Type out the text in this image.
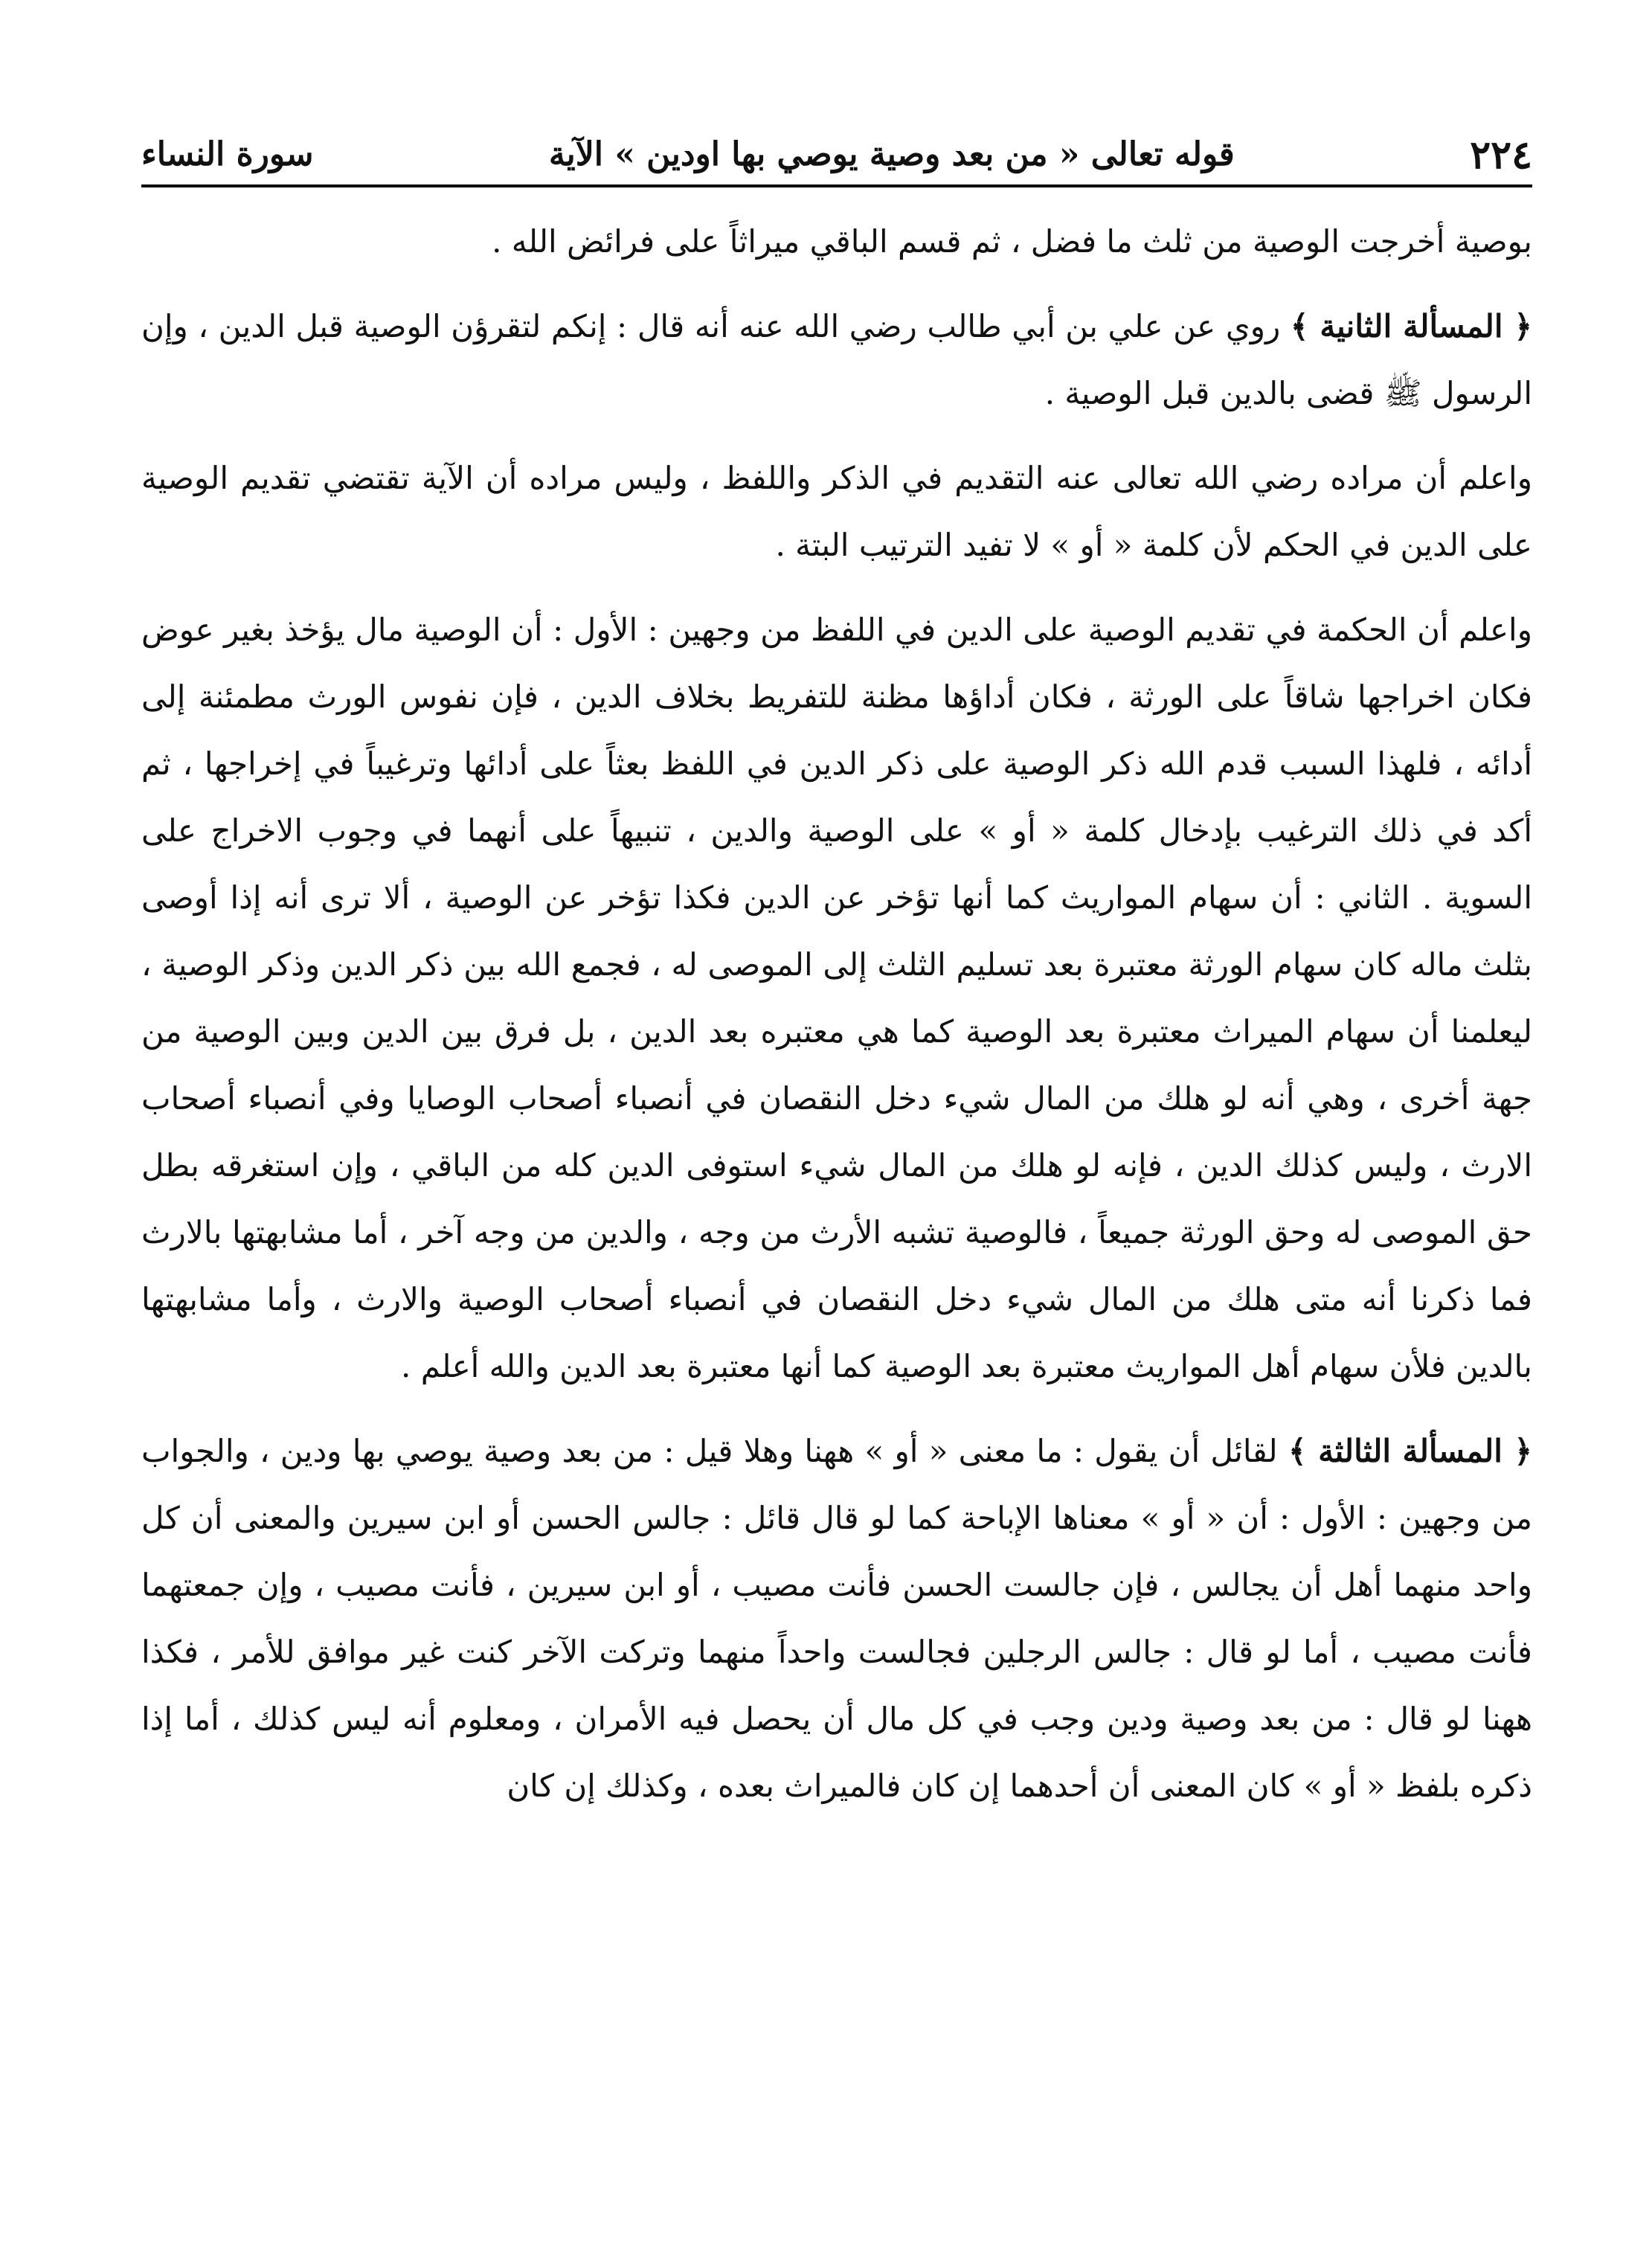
٢٢٤
قوله تعالى « من بعد وصية يوصي بها اودين » الآية
سورة النساء

بوصية أخرجت الوصية من ثلث ما فضل ، ثم قسم الباقي ميراثاً على فرائض الله .

﴿ المسألة الثانية ﴾ روي عن علي بن أبي طالب رضي الله عنه أنه قال : إنكم لتقرؤن الوصية قبل الدين ، وإن الرسول ﷺ قضى بالدين قبل الوصية .

واعلم أن مراده رضي الله تعالى عنه التقديم في الذكر واللفظ ، وليس مراده أن الآية تقتضي تقديم الوصية على الدين في الحكم لأن كلمة « أو » لا تفيد الترتيب البتة .

واعلم أن الحكمة في تقديم الوصية على الدين في اللفظ من وجهين : الأول : أن الوصية مال يؤخذ بغير عوض فكان اخراجها شاقاً على الورثة ، فكان أداؤها مظنة للتفريط بخلاف الدين ، فإن نفوس الورث مطمئنة إلى أدائه ، فلهذا السبب قدم الله ذكر الوصية على ذكر الدين في اللفظ بعثاً على أدائها وترغيباً في إخراجها ، ثم أكد في ذلك الترغيب بإدخال كلمة « أو » على الوصية والدين ، تنبيهاً على أنهما في وجوب الاخراج على السوية . الثاني : أن سهام المواريث كما أنها تؤخر عن الدين فكذا تؤخر عن الوصية ، ألا ترى أنه إذا أوصى بثلث ماله كان سهام الورثة معتبرة بعد تسليم الثلث إلى الموصى له ، فجمع الله بين ذكر الدين وذكر الوصية ، ليعلمنا أن سهام الميراث معتبرة بعد الوصية كما هي معتبره بعد الدين ، بل فرق بين الدين وبين الوصية من جهة أخرى ، وهي أنه لو هلك من المال شيء دخل النقصان في أنصباء أصحاب الوصايا وفي أنصباء أصحاب الارث ، وليس كذلك الدين ، فإنه لو هلك من المال شيء استوفى الدين كله من الباقي ، وإن استغرقه بطل حق الموصى له وحق الورثة جميعاً ، فالوصية تشبه الأرث من وجه ، والدين من وجه آخر ، أما مشابهتها بالارث فما ذكرنا أنه متى هلك من المال شيء دخل النقصان في أنصباء أصحاب الوصية والارث ، وأما مشابهتها بالدين فلأن سهام أهل المواريث معتبرة بعد الوصية كما أنها معتبرة بعد الدين والله أعلم .

﴿ المسألة الثالثة ﴾ لقائل أن يقول : ما معنى « أو » ههنا وهلا قيل : من بعد وصية يوصي بها ودين ، والجواب من وجهين : الأول : أن « أو » معناها الإباحة كما لو قال قائل : جالس الحسن أو ابن سيرين والمعنى أن كل واحد منهما أهل أن يجالس ، فإن جالست الحسن فأنت مصيب ، أو ابن سيرين ، فأنت مصيب ، وإن جمعتهما فأنت مصيب ، أما لو قال : جالس الرجلين فجالست واحداً منهما وتركت الآخر كنت غير موافق للأمر ، فكذا ههنا لو قال : من بعد وصية ودين وجب في كل مال أن يحصل فيه الأمران ، ومعلوم أنه ليس كذلك ، أما إذا ذكره بلفظ « أو » كان المعنى أن أحدهما إن كان فالميراث بعده ، وكذلك إن كان
